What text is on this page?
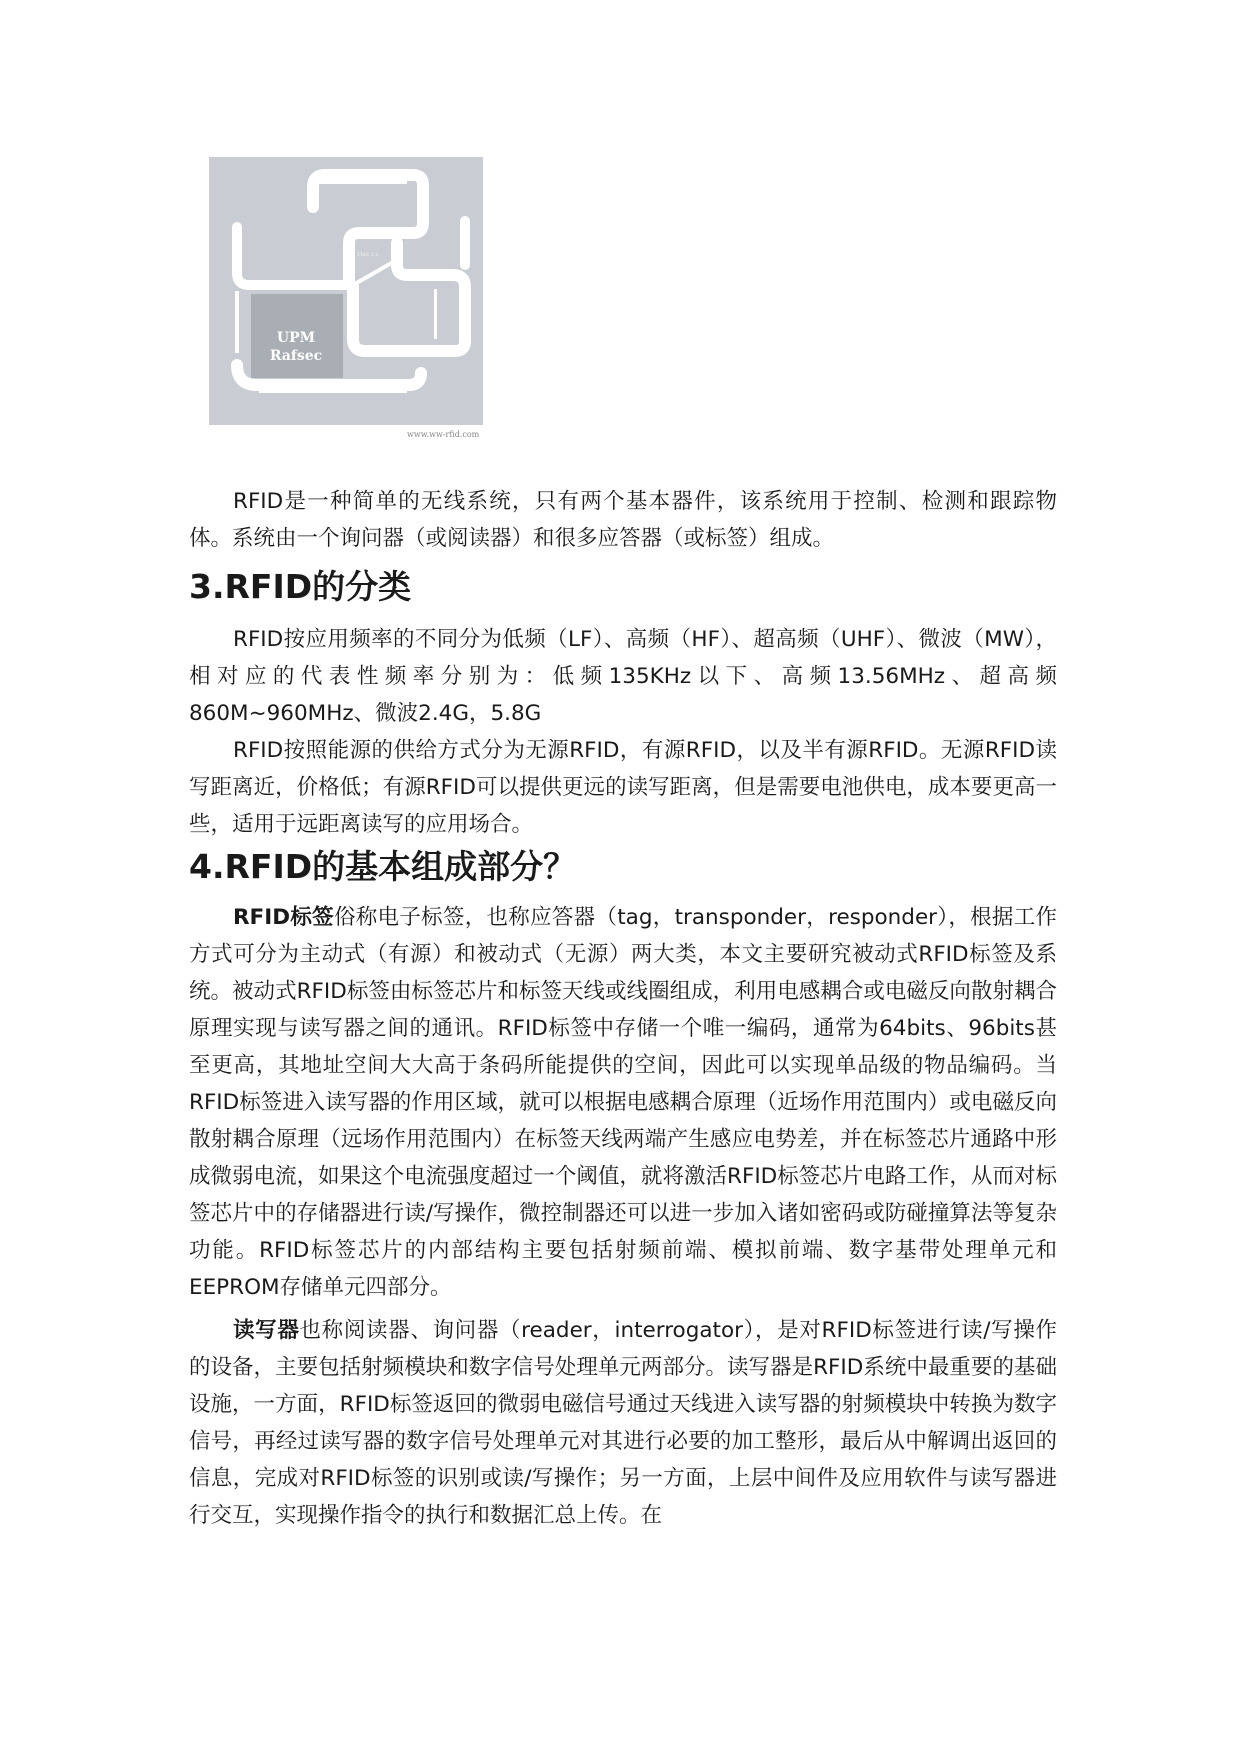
UPM
Rafsec
TMS 1.2
www.ww-rfid.com

RFID是一种简单的无线系统，只有两个基本器件，该系统用于控制、检测和跟踪物体。系统由一个询问器（或阅读器）和很多应答器（或标签）组成。

3.RFID的分类

RFID按应用频率的不同分为低频（LF）、高频（HF）、超高频（UHF）、微波（MW），相对应的代表性频率分别为：低频135KHz以下、高频13.56MHz、超高频860M~960MHz、微波2.4G，5.8G

RFID按照能源的供给方式分为无源RFID，有源RFID，以及半有源RFID。无源RFID读写距离近，价格低；有源RFID可以提供更远的读写距离，但是需要电池供电，成本要更高一些，适用于远距离读写的应用场合。

4.RFID的基本组成部分？

RFID标签俗称电子标签，也称应答器（tag，transponder，responder），根据工作方式可分为主动式（有源）和被动式（无源）两大类，本文主要研究被动式RFID标签及系统。被动式RFID标签由标签芯片和标签天线或线圈组成，利用电感耦合或电磁反向散射耦合原理实现与读写器之间的通讯。RFID标签中存储一个唯一编码，通常为64bits、96bits甚至更高，其地址空间大大高于条码所能提供的空间，因此可以实现单品级的物品编码。当RFID标签进入读写器的作用区域，就可以根据电感耦合原理（近场作用范围内）或电磁反向散射耦合原理（远场作用范围内）在标签天线两端产生感应电势差，并在标签芯片通路中形成微弱电流，如果这个电流强度超过一个阈值，就将激活RFID标签芯片电路工作，从而对标签芯片中的存储器进行读/写操作，微控制器还可以进一步加入诸如密码或防碰撞算法等复杂功能。RFID标签芯片的内部结构主要包括射频前端、模拟前端、数字基带处理单元和EEPROM存储单元四部分。

读写器也称阅读器、询问器（reader，interrogator），是对RFID标签进行读/写操作的设备，主要包括射频模块和数字信号处理单元两部分。读写器是RFID系统中最重要的基础设施，一方面，RFID标签返回的微弱电磁信号通过天线进入读写器的射频模块中转换为数字信号，再经过读写器的数字信号处理单元对其进行必要的加工整形，最后从中解调出返回的信息，完成对RFID标签的识别或读/写操作；另一方面，上层中间件及应用软件与读写器进行交互，实现操作指令的执行和数据汇总上传。在
